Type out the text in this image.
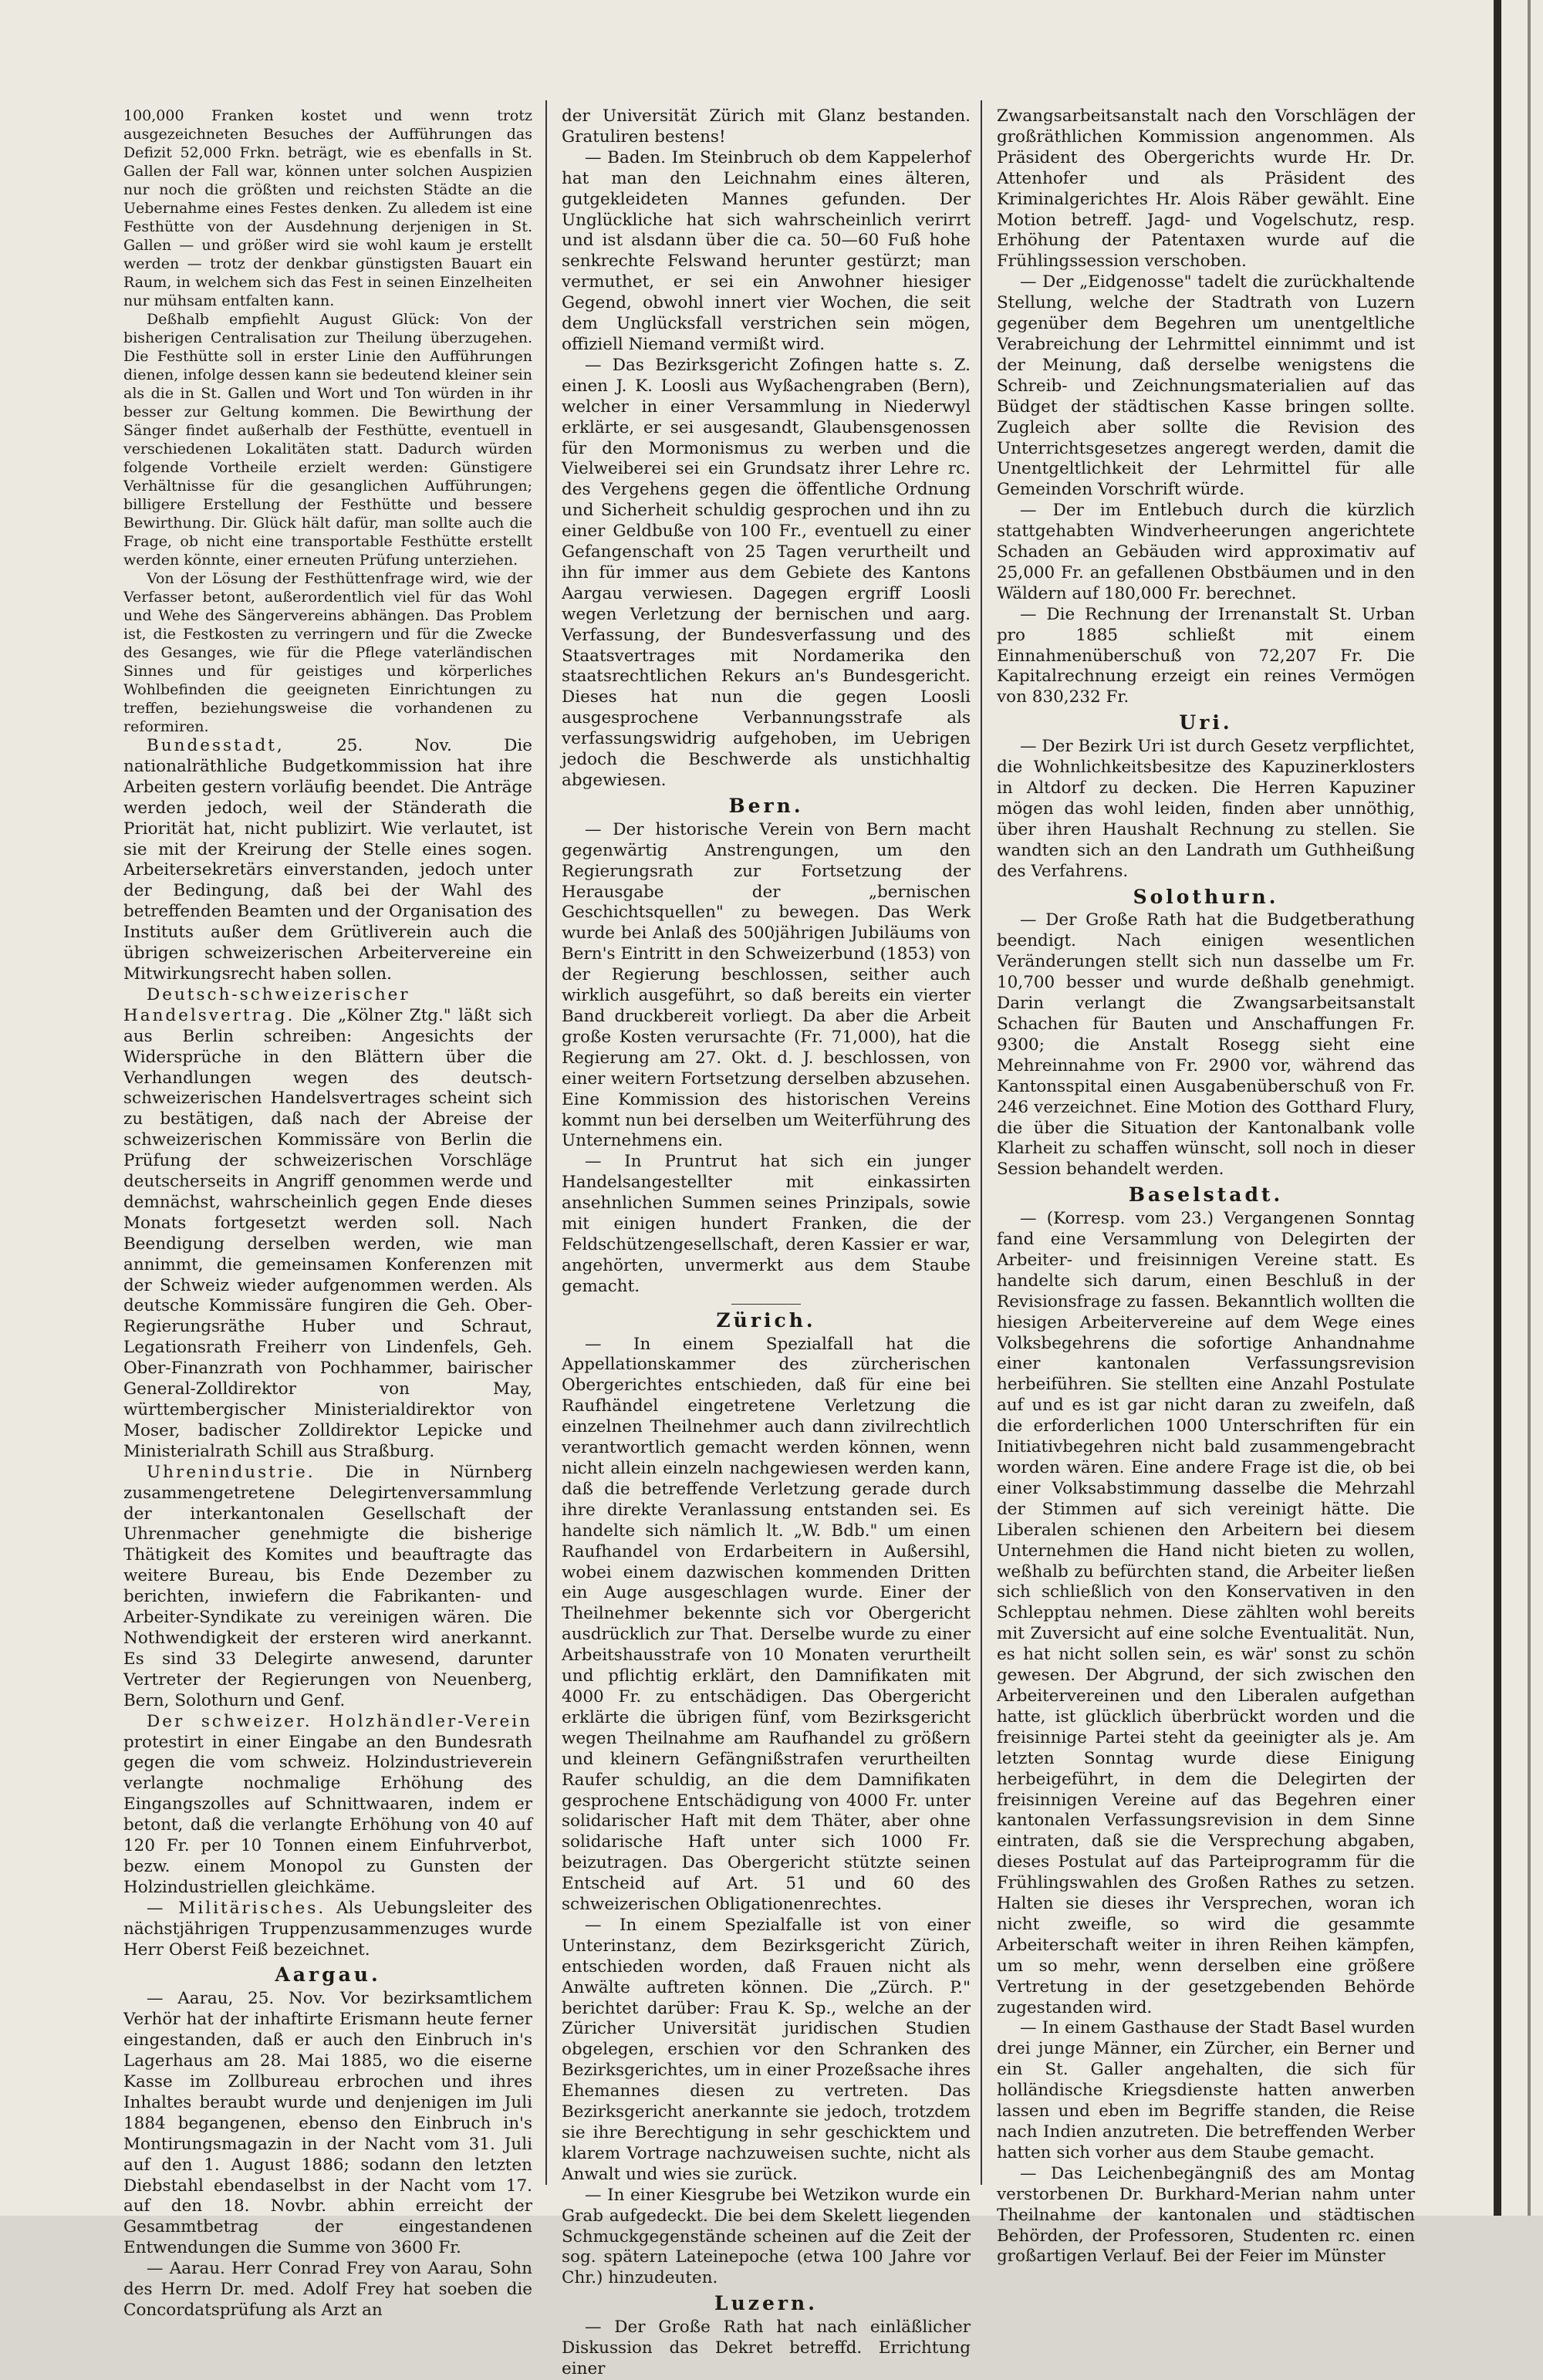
100,000 Franken kostet und wenn trotz ausgezeichneten Besuches der Aufführungen das Defizit 52,000 Frkn. beträgt, wie es ebenfalls in St. Gallen der Fall war, können unter solchen Auspizien nur noch die größten und reichsten Städte an die Uebernahme eines Festes denken. Zu alledem ist eine Festhütte von der Ausdehnung derjenigen in St. Gallen — und größer wird sie wohl kaum je erstellt werden — trotz der denkbar günstigsten Bauart ein Raum, in welchem sich das Fest in seinen Einzelheiten nur mühsam entfalten kann.

Deßhalb empfiehlt August Glück: Von der bisherigen Centralisation zur Theilung überzugehen. Die Festhütte soll in erster Linie den Aufführungen dienen, infolge dessen kann sie bedeutend kleiner sein als die in St. Gallen und Wort und Ton würden in ihr besser zur Geltung kommen. Die Bewirthung der Sänger findet außerhalb der Festhütte, eventuell in verschiedenen Lokalitäten statt. Dadurch würden folgende Vortheile erzielt werden: Günstigere Verhältnisse für die gesanglichen Aufführungen; billigere Erstellung der Festhütte und bessere Bewirthung. Dir. Glück hält dafür, man sollte auch die Frage, ob nicht eine transportable Festhütte erstellt werden könnte, einer erneuten Prüfung unterziehen.

Von der Lösung der Festhüttenfrage wird, wie der Verfasser betont, außerordentlich viel für das Wohl und Wehe des Sängervereins abhängen. Das Problem ist, die Festkosten zu verringern und für die Zwecke des Gesanges, wie für die Pflege vaterländischen Sinnes und für geistiges und körperliches Wohlbefinden die geeigneten Einrichtungen zu treffen, beziehungsweise die vorhandenen zu reformiren.

Bundesstadt, 25. Nov. Die nationalräthliche Budgetkommission hat ihre Arbeiten gestern vorläufig beendet. Die Anträge werden jedoch, weil der Ständerath die Priorität hat, nicht publizirt. Wie verlautet, ist sie mit der Kreirung der Stelle eines sogen. Arbeitersekretärs einverstanden, jedoch unter der Bedingung, daß bei der Wahl des betreffenden Beamten und der Organisation des Instituts außer dem Grütliverein auch die übrigen schweizerischen Arbeitervereine ein Mitwirkungsrecht haben sollen.

Deutsch-schweizerischer Handelsvertrag. Die „Kölner Ztg." läßt sich aus Berlin schreiben: Angesichts der Widersprüche in den Blättern über die Verhandlungen wegen des deutsch-schweizerischen Handelsvertrages scheint sich zu bestätigen, daß nach der Abreise der schweizerischen Kommissäre von Berlin die Prüfung der schweizerischen Vorschläge deutscherseits in Angriff genommen werde und demnächst, wahrscheinlich gegen Ende dieses Monats fortgesetzt werden soll. Nach Beendigung derselben werden, wie man annimmt, die gemeinsamen Konferenzen mit der Schweiz wieder aufgenommen werden. Als deutsche Kommissäre fungiren die Geh. Ober-Regierungsräthe Huber und Schraut, Legationsrath Freiherr von Lindenfels, Geh. Ober-Finanzrath von Pochhammer, bairischer General-Zolldirektor von May, württembergischer Ministerialdirektor von Moser, badischer Zolldirektor Lepicke und Ministerialrath Schill aus Straßburg.

Uhrenindustrie. Die in Nürnberg zusammengetretene Delegirtenversammlung der interkantonalen Gesellschaft der Uhrenmacher genehmigte die bisherige Thätigkeit des Komites und beauftragte das weitere Bureau, bis Ende Dezember zu berichten, inwiefern die Fabrikanten- und Arbeiter-Syndikate zu vereinigen wären. Die Nothwendigkeit der ersteren wird anerkannt. Es sind 33 Delegirte anwesend, darunter Vertreter der Regierungen von Neuenberg, Bern, Solothurn und Genf.

Der schweizer. Holzhändler-Verein protestirt in einer Eingabe an den Bundesrath gegen die vom schweiz. Holzindustrieverein verlangte nochmalige Erhöhung des Eingangszolles auf Schnittwaaren, indem er betont, daß die verlangte Erhöhung von 40 auf 120 Fr. per 10 Tonnen einem Einfuhrverbot, bezw. einem Monopol zu Gunsten der Holzindustriellen gleichkäme.

— Militärisches. Als Uebungsleiter des nächstjährigen Truppenzusammenzuges wurde Herr Oberst Feiß bezeichnet.

Aargau.

— Aarau, 25. Nov. Vor bezirksamtlichem Verhör hat der inhaftirte Erismann heute ferner eingestanden, daß er auch den Einbruch in's Lagerhaus am 28. Mai 1885, wo die eiserne Kasse im Zollbureau erbrochen und ihres Inhaltes beraubt wurde und denjenigen im Juli 1884 begangenen, ebenso den Einbruch in's Montirungsmagazin in der Nacht vom 31. Juli auf den 1. August 1886; sodann den letzten Diebstahl ebendaselbst in der Nacht vom 17. auf den 18. Novbr. abhin erreicht der Gesammtbetrag der eingestandenen Entwendungen die Summe von 3600 Fr.

— Aarau. Herr Conrad Frey von Aarau, Sohn des Herrn Dr. med. Adolf Frey hat soeben die Concordatsprüfung als Arzt an

der Universität Zürich mit Glanz bestanden. Gratuliren bestens!

— Baden. Im Steinbruch ob dem Kappelerhof hat man den Leichnahm eines älteren, gutgekleideten Mannes gefunden. Der Unglückliche hat sich wahrscheinlich verirrt und ist alsdann über die ca. 50—60 Fuß hohe senkrechte Felswand herunter gestürzt; man vermuthet, er sei ein Anwohner hiesiger Gegend, obwohl innert vier Wochen, die seit dem Unglücksfall verstrichen sein mögen, offiziell Niemand vermißt wird.

— Das Bezirksgericht Zofingen hatte s. Z. einen J. K. Loosli aus Wyßachengraben (Bern), welcher in einer Versammlung in Niederwyl erklärte, er sei ausgesandt, Glaubensgenossen für den Mormonismus zu werben und die Vielweiberei sei ein Grundsatz ihrer Lehre rc. des Vergehens gegen die öffentliche Ordnung und Sicherheit schuldig gesprochen und ihn zu einer Geldbuße von 100 Fr., eventuell zu einer Gefangenschaft von 25 Tagen verurtheilt und ihn für immer aus dem Gebiete des Kantons Aargau verwiesen. Dagegen ergriff Loosli wegen Verletzung der bernischen und aarg. Verfassung, der Bundesverfassung und des Staatsvertrages mit Nordamerika den staatsrechtlichen Rekurs an's Bundesgericht. Dieses hat nun die gegen Loosli ausgesprochene Verbannungsstrafe als verfassungswidrig aufgehoben, im Uebrigen jedoch die Beschwerde als unstichhaltig abgewiesen.

Bern.

— Der historische Verein von Bern macht gegenwärtig Anstrengungen, um den Regierungsrath zur Fortsetzung der Herausgabe der „bernischen Geschichtsquellen" zu bewegen. Das Werk wurde bei Anlaß des 500jährigen Jubiläums von Bern's Eintritt in den Schweizerbund (1853) von der Regierung beschlossen, seither auch wirklich ausgeführt, so daß bereits ein vierter Band druckbereit vorliegt. Da aber die Arbeit große Kosten verursachte (Fr. 71,000), hat die Regierung am 27. Okt. d. J. beschlossen, von einer weitern Fortsetzung derselben abzusehen. Eine Kommission des historischen Vereins kommt nun bei derselben um Weiterführung des Unternehmens ein.

— In Pruntrut hat sich ein junger Handelsangestellter mit einkassirten ansehnlichen Summen seines Prinzipals, sowie mit einigen hundert Franken, die der Feldschützengesellschaft, deren Kassier er war, angehörten, unvermerkt aus dem Staube gemacht.

Zürich.

— In einem Spezialfall hat die Appellationskammer des zürcherischen Obergerichtes entschieden, daß für eine bei Raufhändel eingetretene Verletzung die einzelnen Theilnehmer auch dann zivilrechtlich verantwortlich gemacht werden können, wenn nicht allein einzeln nachgewiesen werden kann, daß die betreffende Verletzung gerade durch ihre direkte Veranlassung entstanden sei. Es handelte sich nämlich lt. „W. Bdb." um einen Raufhandel von Erdarbeitern in Außersihl, wobei einem dazwischen kommenden Dritten ein Auge ausgeschlagen wurde. Einer der Theilnehmer bekennte sich vor Obergericht ausdrücklich zur That. Derselbe wurde zu einer Arbeitshausstrafe von 10 Monaten verurtheilt und pflichtig erklärt, den Damnifikaten mit 4000 Fr. zu entschädigen. Das Obergericht erklärte die übrigen fünf, vom Bezirksgericht wegen Theilnahme am Raufhandel zu größern und kleinern Gefängnißstrafen verurtheilten Raufer schuldig, an die dem Damnifikaten gesprochene Entschädigung von 4000 Fr. unter solidarischer Haft mit dem Thäter, aber ohne solidarische Haft unter sich 1000 Fr. beizutragen. Das Obergericht stützte seinen Entscheid auf Art. 51 und 60 des schweizerischen Obligationenrechtes.

— In einem Spezialfalle ist von einer Unterinstanz, dem Bezirksgericht Zürich, entschieden worden, daß Frauen nicht als Anwälte auftreten können. Die „Zürch. P." berichtet darüber: Frau K. Sp., welche an der Züricher Universität juridischen Studien obgelegen, erschien vor den Schranken des Bezirksgerichtes, um in einer Prozeßsache ihres Ehemannes diesen zu vertreten. Das Bezirksgericht anerkannte sie jedoch, trotzdem sie ihre Berechtigung in sehr geschicktem und klarem Vortrage nachzuweisen suchte, nicht als Anwalt und wies sie zurück.

— In einer Kiesgrube bei Wetzikon wurde ein Grab aufgedeckt. Die bei dem Skelett liegenden Schmuckgegenstände scheinen auf die Zeit der sog. spätern Lateinepoche (etwa 100 Jahre vor Chr.) hinzudeuten.

Luzern.

— Der Große Rath hat nach einläßlicher Diskussion das Dekret betreffd. Errichtung einer

Zwangsarbeitsanstalt nach den Vorschlägen der großräthlichen Kommission angenommen. Als Präsident des Obergerichts wurde Hr. Dr. Attenhofer und als Präsident des Kriminalgerichtes Hr. Alois Räber gewählt. Eine Motion betreff. Jagd- und Vogelschutz, resp. Erhöhung der Patentaxen wurde auf die Frühlingssession verschoben.

— Der „Eidgenosse" tadelt die zurückhaltende Stellung, welche der Stadtrath von Luzern gegenüber dem Begehren um unentgeltliche Verabreichung der Lehrmittel einnimmt und ist der Meinung, daß derselbe wenigstens die Schreib- und Zeichnungsmaterialien auf das Büdget der städtischen Kasse bringen sollte. Zugleich aber sollte die Revision des Unterrichtsgesetzes angeregt werden, damit die Unentgeltlichkeit der Lehrmittel für alle Gemeinden Vorschrift würde.

— Der im Entlebuch durch die kürzlich stattgehabten Windverheerungen angerichtete Schaden an Gebäuden wird approximativ auf 25,000 Fr. an gefallenen Obstbäumen und in den Wäldern auf 180,000 Fr. berechnet.

— Die Rechnung der Irrenanstalt St. Urban pro 1885 schließt mit einem Einnahmenüberschuß von 72,207 Fr. Die Kapitalrechnung erzeigt ein reines Vermögen von 830,232 Fr.

Uri.

— Der Bezirk Uri ist durch Gesetz verpflichtet, die Wohnlichkeitsbesitze des Kapuzinerklosters in Altdorf zu decken. Die Herren Kapuziner mögen das wohl leiden, finden aber unnöthig, über ihren Haushalt Rechnung zu stellen. Sie wandten sich an den Landrath um Guthheißung des Verfahrens.

Solothurn.

— Der Große Rath hat die Budgetberathung beendigt. Nach einigen wesentlichen Veränderungen stellt sich nun dasselbe um Fr. 10,700 besser und wurde deßhalb genehmigt. Darin verlangt die Zwangsarbeitsanstalt Schachen für Bauten und Anschaffungen Fr. 9300; die Anstalt Rosegg sieht eine Mehreinnahme von Fr. 2900 vor, während das Kantonsspital einen Ausgabenüberschuß von Fr. 246 verzeichnet. Eine Motion des Gotthard Flury, die über die Situation der Kantonalbank volle Klarheit zu schaffen wünscht, soll noch in dieser Session behandelt werden.

Baselstadt.

— (Korresp. vom 23.) Vergangenen Sonntag fand eine Versammlung von Delegirten der Arbeiter- und freisinnigen Vereine statt. Es handelte sich darum, einen Beschluß in der Revisionsfrage zu fassen. Bekanntlich wollten die hiesigen Arbeitervereine auf dem Wege eines Volksbegehrens die sofortige Anhandnahme einer kantonalen Verfassungsrevision herbeiführen. Sie stellten eine Anzahl Postulate auf und es ist gar nicht daran zu zweifeln, daß die erforderlichen 1000 Unterschriften für ein Initiativbegehren nicht bald zusammengebracht worden wären. Eine andere Frage ist die, ob bei einer Volksabstimmung dasselbe die Mehrzahl der Stimmen auf sich vereinigt hätte. Die Liberalen schienen den Arbeitern bei diesem Unternehmen die Hand nicht bieten zu wollen, weßhalb zu befürchten stand, die Arbeiter ließen sich schließlich von den Konservativen in den Schlepptau nehmen. Diese zählten wohl bereits mit Zuversicht auf eine solche Eventualität. Nun, es hat nicht sollen sein, es wär' sonst zu schön gewesen. Der Abgrund, der sich zwischen den Arbeitervereinen und den Liberalen aufgethan hatte, ist glücklich überbrückt worden und die freisinnige Partei steht da geeinigter als je. Am letzten Sonntag wurde diese Einigung herbeigeführt, in dem die Delegirten der freisinnigen Vereine auf das Begehren einer kantonalen Verfassungsrevision in dem Sinne eintraten, daß sie die Versprechung abgaben, dieses Postulat auf das Parteiprogramm für die Frühlingswahlen des Großen Rathes zu setzen. Halten sie dieses ihr Versprechen, woran ich nicht zweifle, so wird die gesammte Arbeiterschaft weiter in ihren Reihen kämpfen, um so mehr, wenn derselben eine größere Vertretung in der gesetzgebenden Behörde zugestanden wird.

— In einem Gasthause der Stadt Basel wurden drei junge Männer, ein Zürcher, ein Berner und ein St. Galler angehalten, die sich für holländische Kriegsdienste hatten anwerben lassen und eben im Begriffe standen, die Reise nach Indien anzutreten. Die betreffenden Werber hatten sich vorher aus dem Staube gemacht.

— Das Leichenbegängniß des am Montag verstorbenen Dr. Burkhard-Merian nahm unter Theilnahme der kantonalen und städtischen Behörden, der Professoren, Studenten rc. einen großartigen Verlauf. Bei der Feier im Münster
